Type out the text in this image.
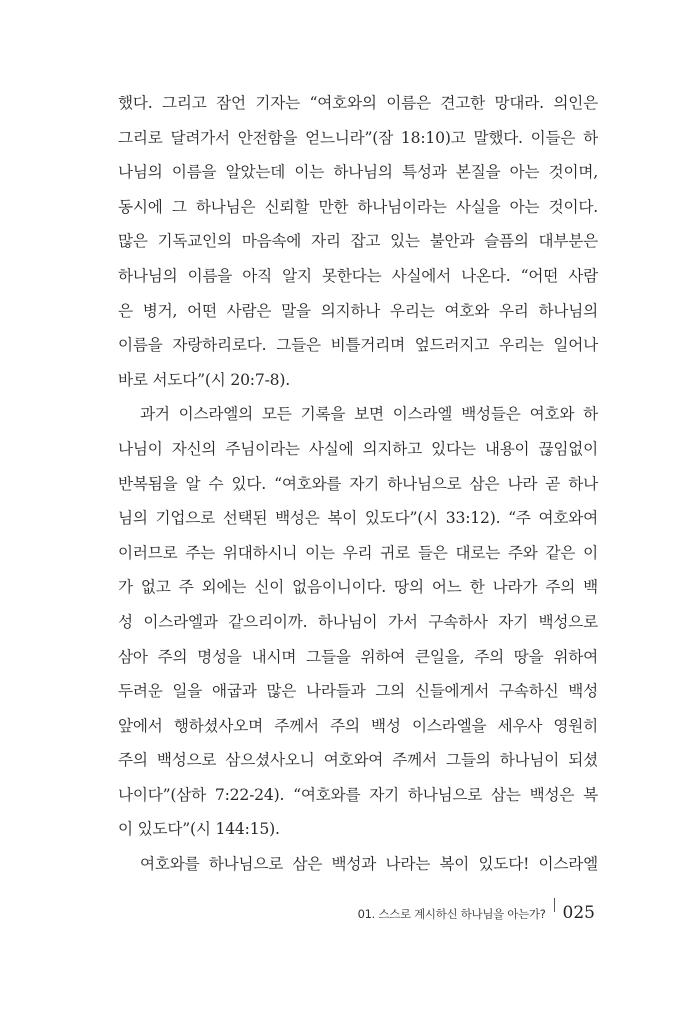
했다. 그리고 잠언 기자는 “여호와의 이름은 견고한 망대라. 의인은
그리로 달려가서 안전함을 얻느니라”(잠 18:10)고 말했다. 이들은 하
나님의 이름을 알았는데 이는 하나님의 특성과 본질을 아는 것이며,
동시에 그 하나님은 신뢰할 만한 하나님이라는 사실을 아는 것이다.
많은 기독교인의 마음속에 자리 잡고 있는 불안과 슬픔의 대부분은
하나님의 이름을 아직 알지 못한다는 사실에서 나온다. “어떤 사람
은 병거, 어떤 사람은 말을 의지하나 우리는 여호와 우리 하나님의
이름을 자랑하리로다. 그들은 비틀거리며 엎드러지고 우리는 일어나
바로 서도다”(시 20:7-8).
과거 이스라엘의 모든 기록을 보면 이스라엘 백성들은 여호와 하
나님이 자신의 주님이라는 사실에 의지하고 있다는 내용이 끊임없이
반복됨을 알 수 있다. “여호와를 자기 하나님으로 삼은 나라 곧 하나
님의 기업으로 선택된 백성은 복이 있도다”(시 33:12). “주 여호와여
이러므로 주는 위대하시니 이는 우리 귀로 들은 대로는 주와 같은 이
가 없고 주 외에는 신이 없음이니이다. 땅의 어느 한 나라가 주의 백
성 이스라엘과 같으리이까. 하나님이 가서 구속하사 자기 백성으로
삼아 주의 명성을 내시며 그들을 위하여 큰일을, 주의 땅을 위하여
두려운 일을 애굽과 많은 나라들과 그의 신들에게서 구속하신 백성
앞에서 행하셨사오며 주께서 주의 백성 이스라엘을 세우사 영원히
주의 백성으로 삼으셨사오니 여호와여 주께서 그들의 하나님이 되셨
나이다”(삼하 7:22-24). “여호와를 자기 하나님으로 삼는 백성은 복
이 있도다”(시 144:15).
여호와를 하나님으로 삼은 백성과 나라는 복이 있도다! 이스라엘
01. 스스로 계시하신 하나님을 아는가? 025
